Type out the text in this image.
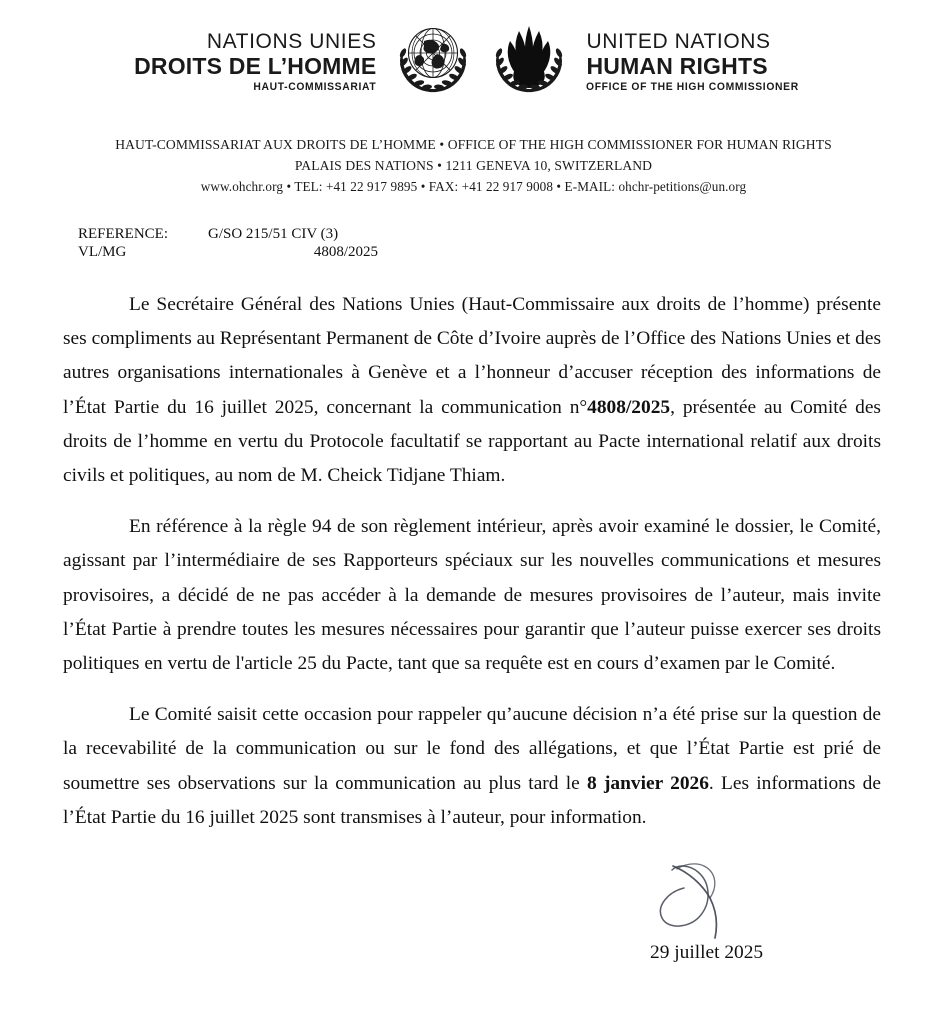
NATIONS UNIES
DROITS DE L’HOMME
HAUT-COMMISSARIAT
UNITED NATIONS
HUMAN RIGHTS
OFFICE OF THE HIGH COMMISSIONER
HAUT-COMMISSARIAT AUX DROITS DE L’HOMME • OFFICE OF THE HIGH COMMISSIONER FOR HUMAN RIGHTS
PALAIS DES NATIONS • 1211 GENEVA 10, SWITZERLAND
www.ohchr.org • TEL: +41 22 917 9895 • FAX: +41 22 917 9008 • E-MAIL: ohchr-petitions@un.org
REFERENCE:	G/SO 215/51 CIV (3)
VL/MG	4808/2025

Le Secrétaire Général des Nations Unies (Haut-Commissaire aux droits de l’homme) présente ses compliments au Représentant Permanent de Côte d’Ivoire auprès de l’Office des Nations Unies et des autres organisations internationales à Genève et a l’honneur d’accuser réception des informations de l’État Partie du 16 juillet 2025, concernant la communication n°4808/2025, présentée au Comité des droits de l’homme en vertu du Protocole facultatif se rapportant au Pacte international relatif aux droits civils et politiques, au nom de M. Cheick Tidjane Thiam.

En référence à la règle 94 de son règlement intérieur, après avoir examiné le dossier, le Comité, agissant par l’intermédiaire de ses Rapporteurs spéciaux sur les nouvelles communications et mesures provisoires, a décidé de ne pas accéder à la demande de mesures provisoires de l’auteur, mais invite l’État Partie à prendre toutes les mesures nécessaires pour garantir que l’auteur puisse exercer ses droits politiques en vertu de l'article 25 du Pacte, tant que sa requête est en cours d’examen par le Comité.

Le Comité saisit cette occasion pour rappeler qu’aucune décision n’a été prise sur la question de la recevabilité de la communication ou sur le fond des allégations, et que l’État Partie est prié de soumettre ses observations sur la communication au plus tard le 8 janvier 2026. Les informations de l’État Partie du 16 juillet 2025 sont transmises à l’auteur, pour information.

29 juillet 2025
